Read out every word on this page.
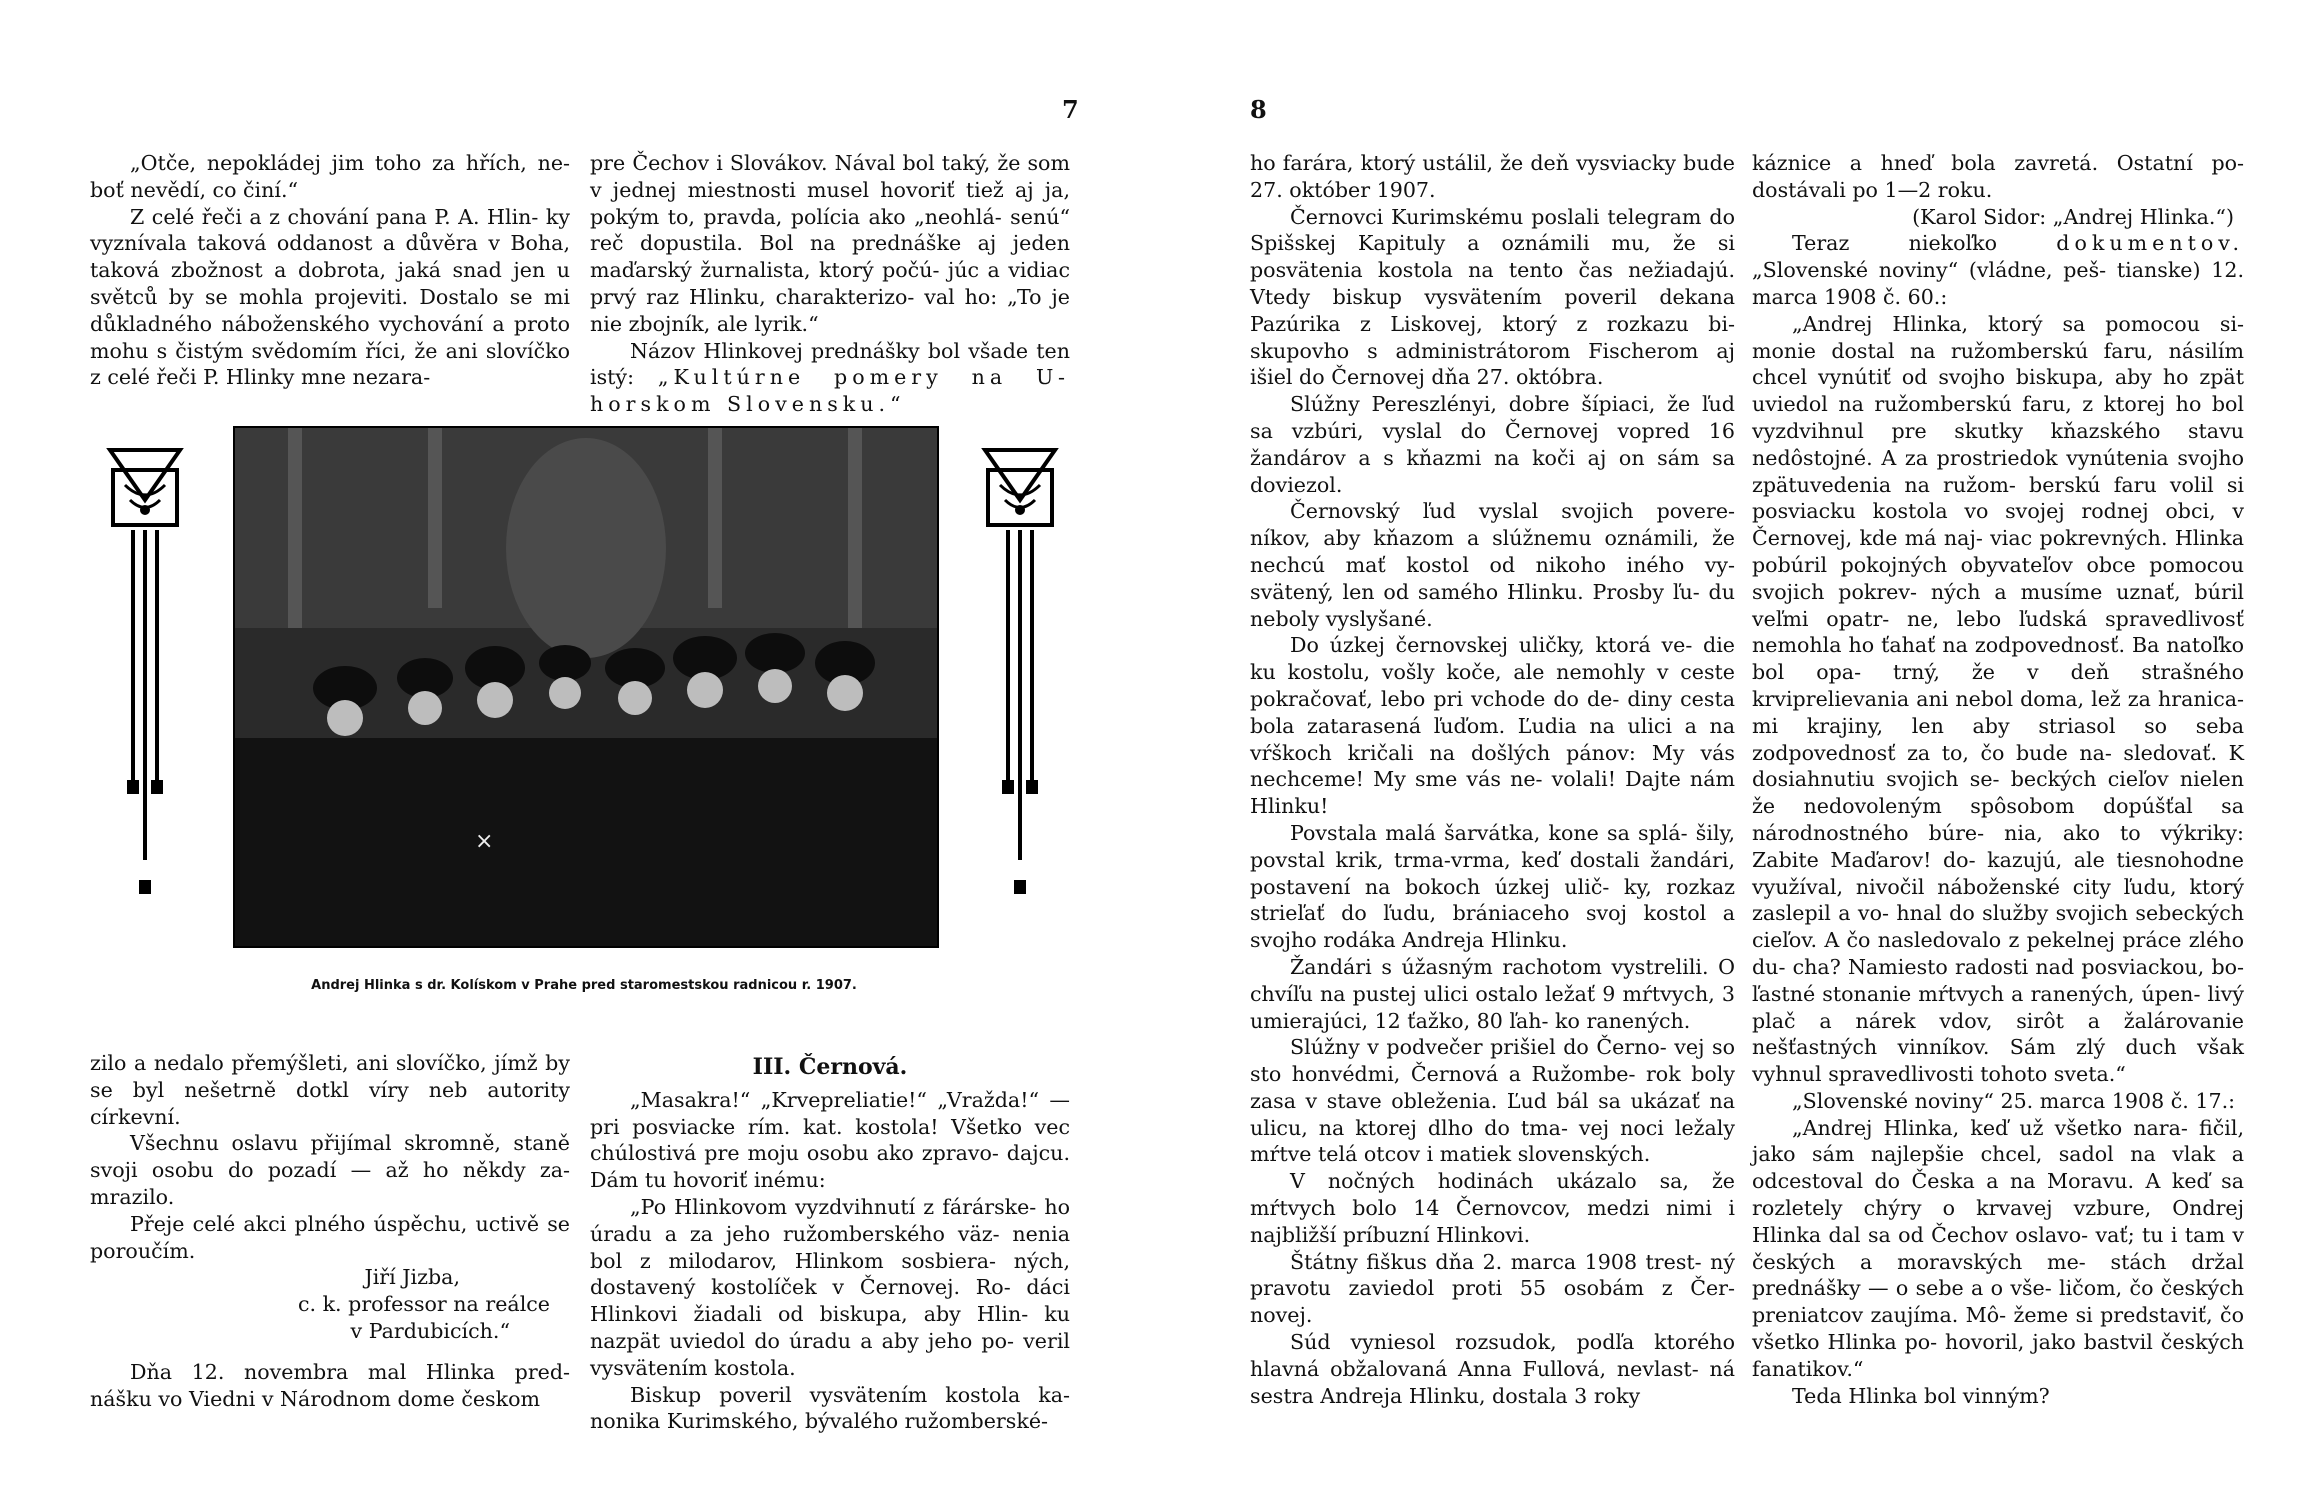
7

„Otče, nepokládej jim toho za hřích, ne- boť nevědí, co činí.“

Z celé řeči a z chování pana P. A. Hlin- ky vyznívala taková oddanost a důvěra v Boha, taková zbožnost a dobrota, jaká snad jen u světců by se mohla projeviti. Dostalo se mi důkladného náboženského vychování a proto mohu s čistým svědomím říci, že ani slovíčko z celé řeči P. Hlinky mne nezara-

pre Čechov i Slovákov. Nával bol taký, že som v jednej miestnosti musel hovoriť tiež aj ja, pokým to, pravda, polícia ako „neohlá- senú“ reč dopustila. Bol na prednáške aj jeden maďarský žurnalista, ktorý počú- júc a vidiac prvý raz Hlinku, charakterizo- val ho: „To je nie zbojník, ale lyrik.“

Názov Hlinkovej prednášky bol všade ten istý: „Kultúrne pomery na U- horskom Slovensku.“

×
Andrej Hlinka s dr. Kolískom v Prahe pred staromestskou radnicou r. 1907.

zilo a nedalo přemýšleti, ani slovíčko, jímž by se byl nešetrně dotkl víry neb autority církevní.

Všechnu oslavu přijímal skromně, staně svoji osobu do pozadí — až ho někdy za- mrazilo.

Přeje celé akci plného úspěchu, uctivě se poroučím.

Jiří Jizba,

c. k. professor na reálce

v Pardubicích.“

Dňa 12. novembra mal Hlinka pred- nášku vo Viedni v Národnom dome českom

III. Černová.

„Masakra!“ „Krvepreliatie!“ „Vražda!“ — pri posviacke rím. kat. kostola! Všetko vec chúlostivá pre moju osobu ako zpravo- dajcu. Dám tu hovoriť inému:

„Po Hlinkovom vyzdvihnutí z fárárske- ho úradu a za jeho ružomberského väz- nenia bol z milodarov, Hlinkom sosbiera- ných, dostavený kostolíček v Černovej. Ro- dáci Hlinkovi žiadali od biskupa, aby Hlin- ku nazpät uviedol do úradu a aby jeho po- veril vysvätením kostola.

Biskup poveril vysvätením kostola ka- nonika Kurimského, bývalého ružomberské-

8

ho farára, ktorý ustálil, že deň vysviacky bude 27. október 1907.

Černovci Kurimskému poslali telegram do Spišskej Kapituly a oznámili mu, že si posvätenia kostola na tento čas nežiadajú. Vtedy biskup vysvätením poveril dekana Pazúrika z Liskovej, ktorý z rozkazu bi- skupovho s administrátorom Fischerom aj išiel do Černovej dňa 27. októbra.

Slúžny Pereszlényi, dobre šípiaci, že ľud sa vzbúri, vyslal do Černovej vopred 16 žandárov a s kňazmi na koči aj on sám sa doviezol.

Černovský ľud vyslal svojich povere- níkov, aby kňazom a slúžnemu oznámili, že nechcú mať kostol od nikoho iného vy- svätený, len od samého Hlinku. Prosby ľu- du neboly vyslyšané.

Do úzkej černovskej uličky, ktorá ve- die ku kostolu, vošly koče, ale nemohly v ceste pokračovať, lebo pri vchode do de- diny cesta bola zatarasená ľuďom. Ľudia na ulici a na vŕškoch kričali na došlých pánov: My vás nechceme! My sme vás ne- volali! Dajte nám Hlinku!

Povstala malá šarvátka, kone sa splá- šily, povstal krik, trma-vrma, keď dostali žandári, postavení na bokoch úzkej ulič- ky, rozkaz strieľať do ľudu, brániaceho svoj kostol a svojho rodáka Andreja Hlinku.

Žandári s úžasným rachotom vystrelili. O chvíľu na pustej ulici ostalo ležať 9 mŕtvych, 3 umierajúci, 12 ťažko, 80 ľah- ko ranených.

Slúžny v podvečer prišiel do Černo- vej so sto honvédmi, Černová a Ružombe- rok boly zasa v stave obleženia. Ľud bál sa ukázať na ulicu, na ktorej dlho do tma- vej noci ležaly mŕtve telá otcov i matiek slovenských.

V nočných hodinách ukázalo sa, že mŕtvych bolo 14 Černovcov, medzi nimi i najbližší príbuzní Hlinkovi.

Štátny fiškus dňa 2. marca 1908 trest- ný pravotu zaviedol proti 55 osobám z Čer- novej.

Súd vyniesol rozsudok, podľa ktorého hlavná obžalovaná Anna Fullová, nevlast- ná sestra Andreja Hlinku, dostala 3 roky

káznice a hneď bola zavretá. Ostatní po- dostávali po 1—2 roku.

(Karol Sidor: „Andrej Hlinka.“)

Teraz niekoľko	dokumentov. „Slovenské noviny“ (vládne, peš- tianske) 12. marca 1908 č. 60.:

„Andrej Hlinka, ktorý sa pomocou si- monie dostal na ružomberskú faru, násilím chcel vynútiť od svojho biskupa, aby ho zpät uviedol na ružomberskú faru, z ktorej ho bol vyzdvihnul pre skutky kňazského stavu nedôstojné. A za prostriedok vynútenia svojho zpätuvedenia na ružom- berskú faru volil si posviacku kostola vo svojej rodnej obci, v Černovej, kde má naj- viac pokrevných. Hlinka pobúril pokojných obyvateľov obce pomocou svojich pokrev- ných a musíme uznať, búril veľmi opatr- ne, lebo ľudská spravedlivosť nemohla ho ťahať na zodpovednosť. Ba natoľko bol opa- trný, že v deň strašného krviprelievania ani nebol doma, lež za hranica- mi krajiny, len aby striasol so seba zodpovednosť za to, čo bude na- sledovať. K dosiahnutiu svojich se- beckých cieľov nielen že nedovoleným spôsobom dopúšťal sa národnostného búre- nia, ako to výkriky: Zabite Maďarov! do- kazujú, ale tiesnohodne využíval, nivočil náboženské city ľudu, ktorý zaslepil a vo- hnal do služby svojich sebeckých cieľov. A čo nasledovalo z pekelnej práce zlého du- cha? Namiesto radosti nad posviackou, bo- ľastné stonanie mŕtvych a ranených, úpen- livý plač a nárek vdov, sirôt a žalárovanie nešťastných vinníkov. Sám zlý duch však vyhnul spravedlivosti tohoto sveta.“

„Slovenské noviny“ 25. marca 1908 č. 17.:

„Andrej Hlinka, keď už všetko nara- fičil, jako sám najlepšie chcel, sadol na vlak a odcestoval do Česka a na Moravu. A keď sa rozletely chýry o krvavej vzbure, Ondrej Hlinka dal sa od Čechov oslavo- vať; tu i tam v českých a moravských me- stách držal prednášky — o sebe a o vše- ličom, čo českých preniatcov zaujíma. Mô- žeme si predstaviť, čo všetko Hlinka po- hovoril, jako bastvil českých fanatikov.“

Teda Hlinka bol vinným?
